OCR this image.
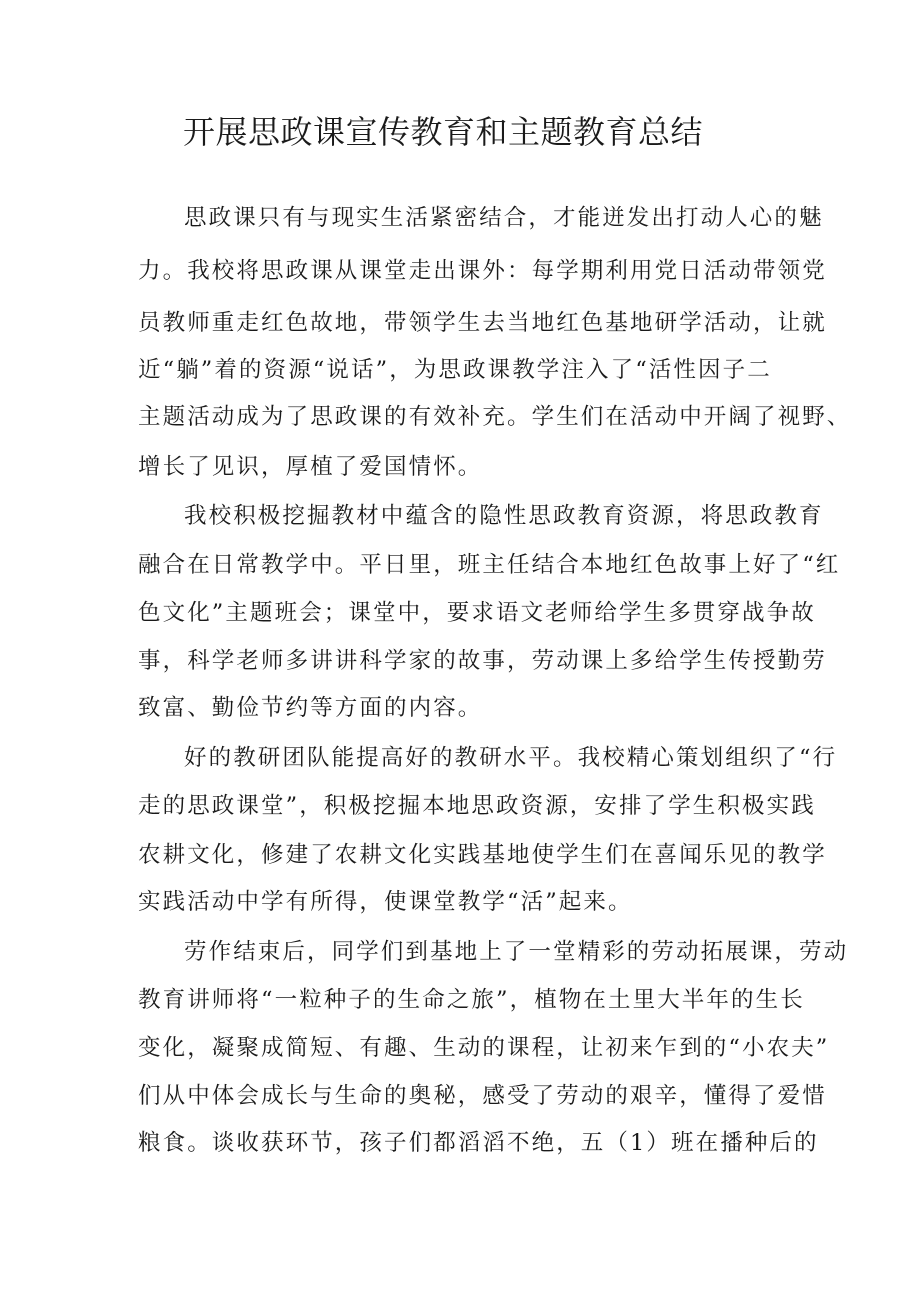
开展思政课宣传教育和主题教育总结
思政课只有与现实生活紧密结合，才能迸发出打动人心的魅
力。我校将思政课从课堂走出课外：每学期利用党日活动带领党
员教师重走红色故地，带领学生去当地红色基地研学活动，让就
近“躺”着的资源“说话”，为思政课教学注入了“活性因子二
主题活动成为了思政课的有效补充。学生们在活动中开阔了视野、
增长了见识，厚植了爱国情怀。
我校积极挖掘教材中蕴含的隐性思政教育资源，将思政教育
融合在日常教学中。平日里，班主任结合本地红色故事上好了“红
色文化”主题班会；课堂中，要求语文老师给学生多贯穿战争故
事，科学老师多讲讲科学家的故事，劳动课上多给学生传授勤劳
致富、勤俭节约等方面的内容。
好的教研团队能提高好的教研水平。我校精心策划组织了“行
走的思政课堂”，积极挖掘本地思政资源，安排了学生积极实践
农耕文化，修建了农耕文化实践基地使学生们在喜闻乐见的教学
实践活动中学有所得，使课堂教学“活”起来。
劳作结束后，同学们到基地上了一堂精彩的劳动拓展课，劳动
教育讲师将“一粒种子的生命之旅”，植物在土里大半年的生长
变化，凝聚成简短、有趣、生动的课程，让初来乍到的“小农夫”
们从中体会成长与生命的奥秘，感受了劳动的艰辛，懂得了爱惜
粮食。谈收获环节，孩子们都滔滔不绝，五（1）班在播种后的
